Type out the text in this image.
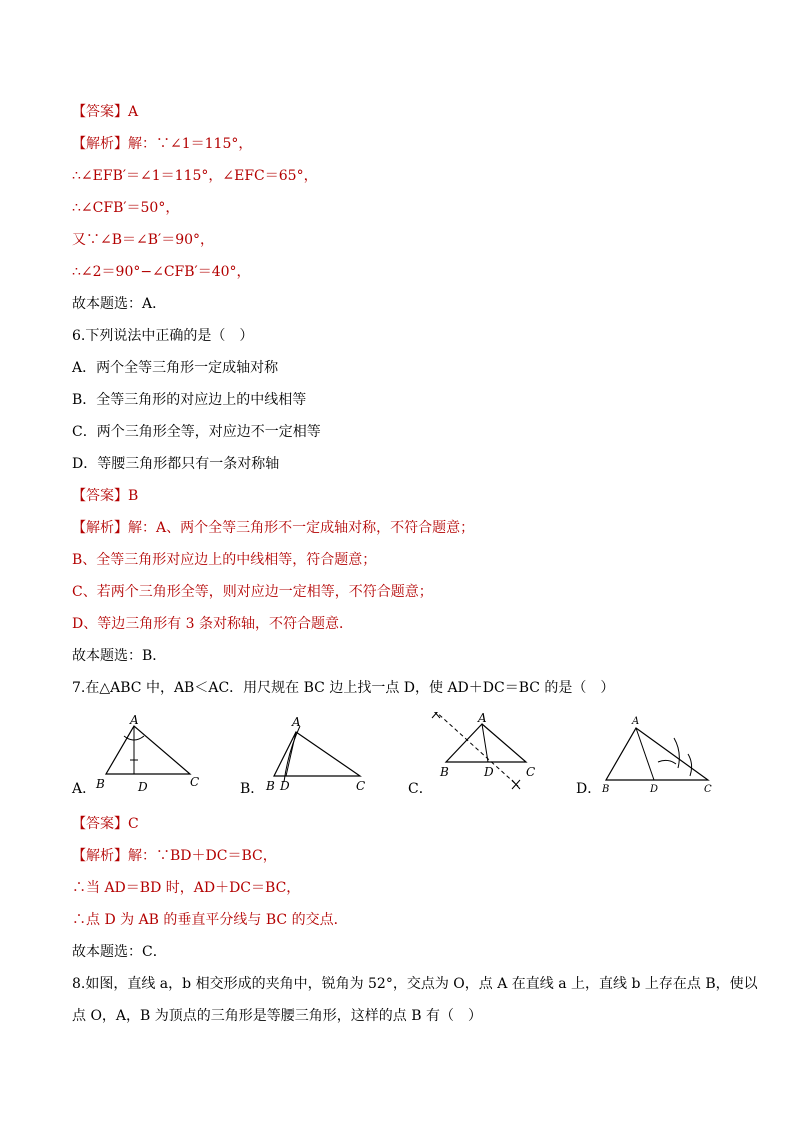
【答案】A
【解析】解：∵∠1＝115°，
∴∠EFB′＝∠1＝115°，∠EFC＝65°，
∴∠CFB′＝50°，
又∵∠B＝∠B′＝90°，
∴∠2＝90°−∠CFB′＝40°，
故本题选：A．
6.下列说法中正确的是（　）
A．两个全等三角形一定成轴对称
B．全等三角形的对应边上的中线相等
C．两个三角形全等，对应边不一定相等
D．等腰三角形都只有一条对称轴
【答案】B
【解析】解：A、两个全等三角形不一定成轴对称，不符合题意；
B、全等三角形对应边上的中线相等，符合题意；
C、若两个三角形全等，则对应边一定相等，不符合题意；
D、等边三角形有 3 条对称轴，不符合题意．
故本题选：B．
7.在△ABC 中，AB＜AC．用尺规在 BC 边上找一点 D，使 AD＋DC＝BC 的是（　）
A．
A
B	D	C	B．
A
B D	C	C．
A
B	D	C
D．
A
B	D	C
【答案】C
【解析】解：∵BD＋DC＝BC，
∴当 AD＝BD 时，AD＋DC＝BC，
∴点 D 为 AB 的垂直平分线与 BC 的交点．
故本题选：C．
8.如图，直线 a，b 相交形成的夹角中，锐角为 52°，交点为 O，点 A 在直线 a 上，直线 b 上存在点 B，使以
点 O，A，B 为顶点的三角形是等腰三角形，这样的点 B 有（　）
